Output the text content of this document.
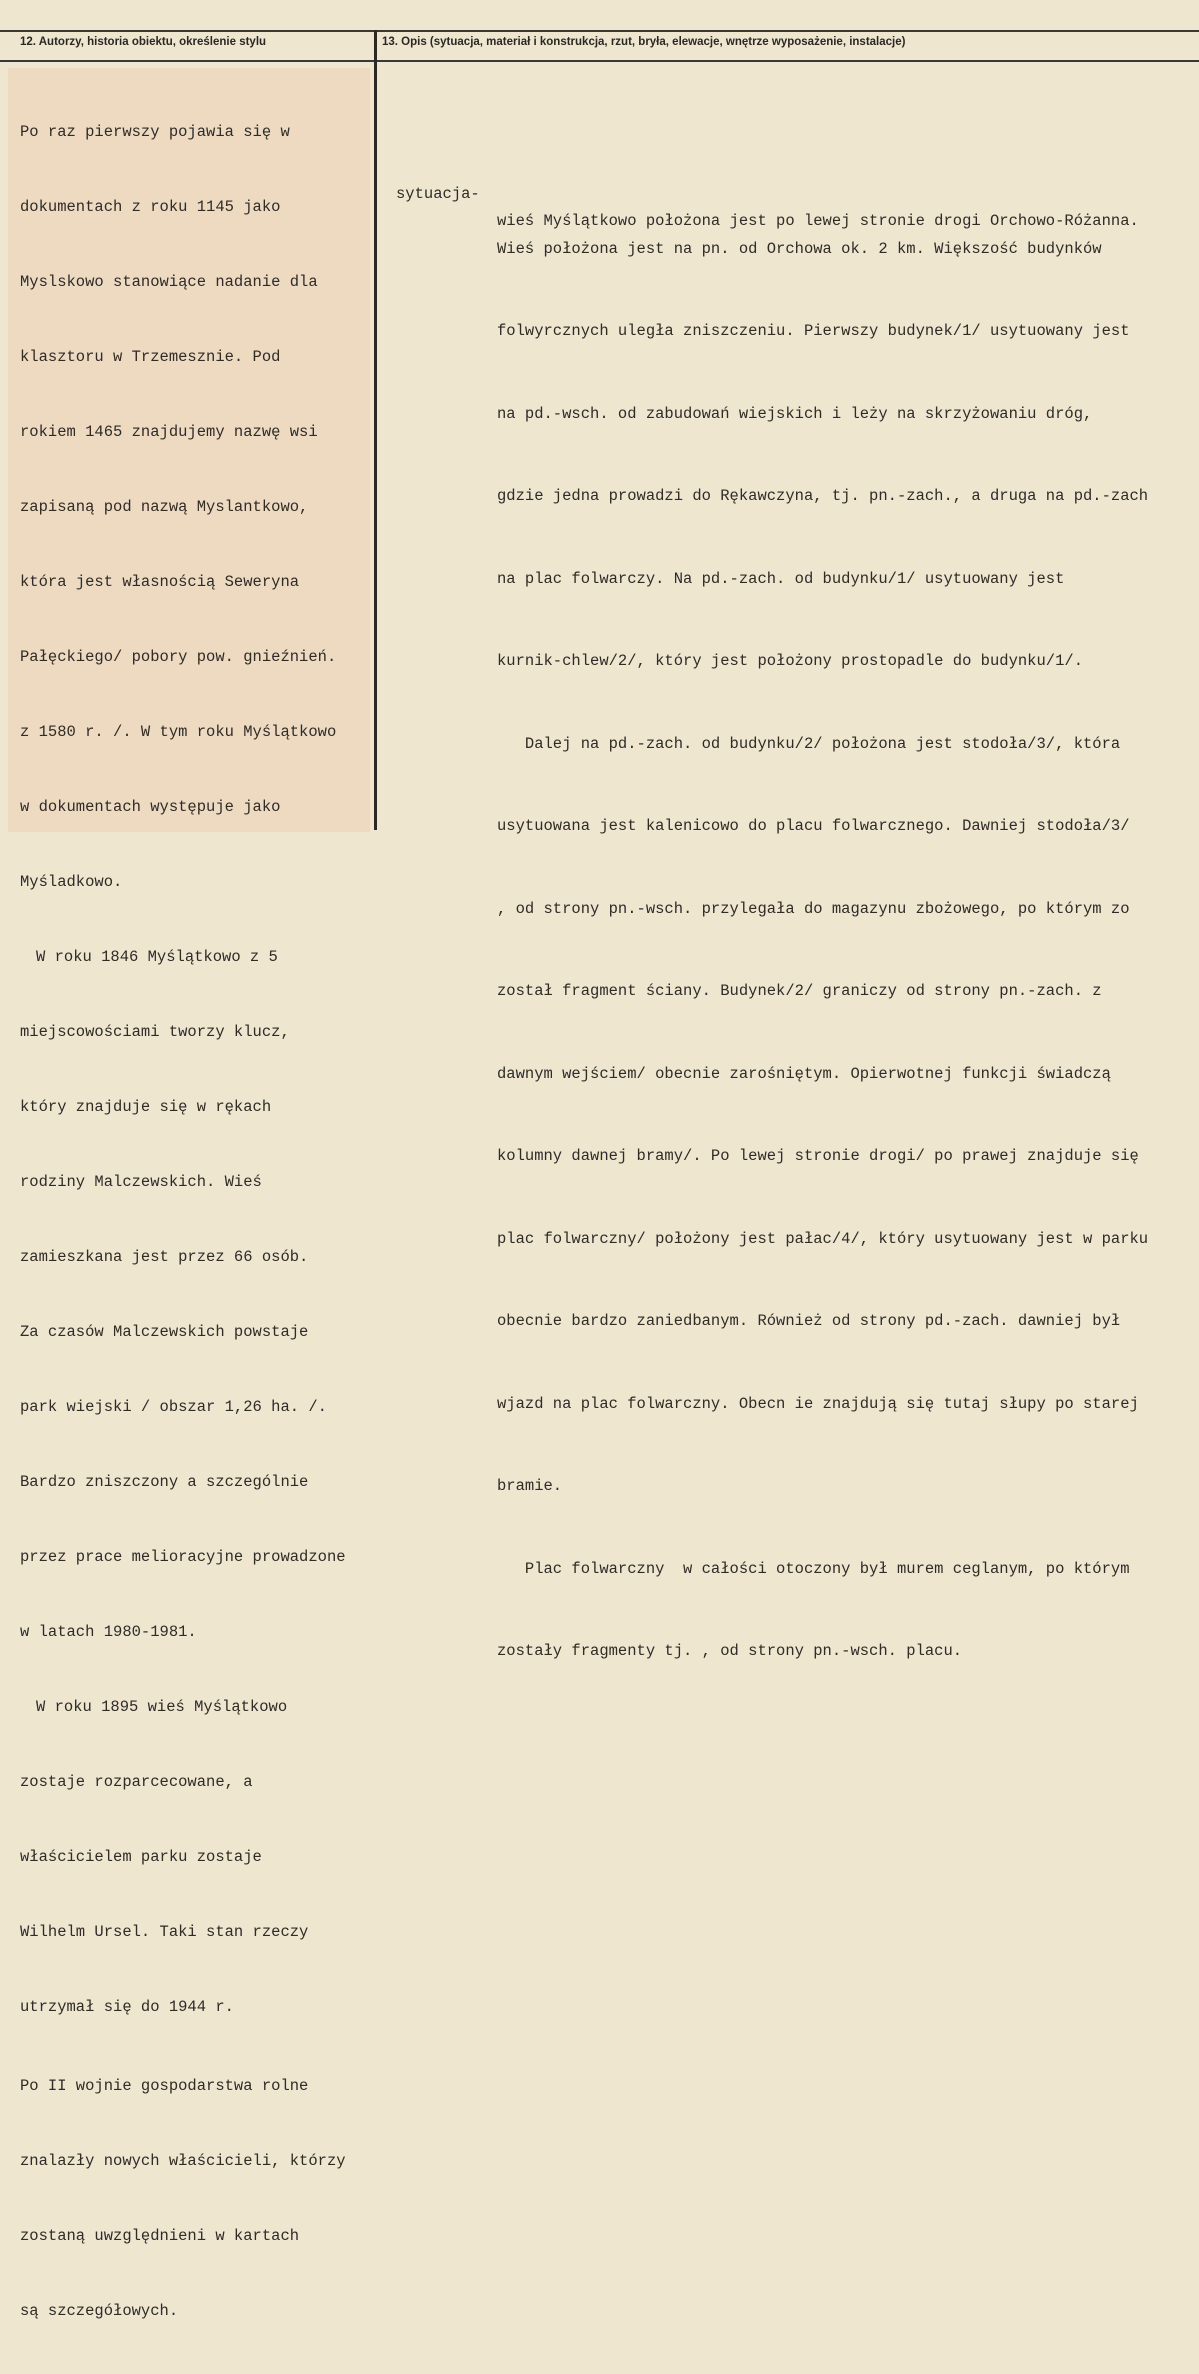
12. Autorzy, historia obiektu, określenie stylu	13. Opis (sytuacja, materiał i konstrukcja, rzut, bryła, elewacje, wnętrze wyposażenie, instalacje)

Po raz pierwszy pojawia się w

dokumentach z roku 1145 jako

Myslskowo stanowiące nadanie dla

klasztoru w Trzemesznie. Pod

rokiem 1465 znajdujemy nazwę wsi

zapisaną pod nazwą Myslantkowo,

która jest własnością Seweryna

Pałęckiego/ pobory pow. gnieźnień.

z 1580 r. /. W tym roku Myślątkowo

w dokumentach występuje jako

Myśladkowo.

W roku 1846 Myślątkowo z 5

miejscowościami tworzy klucz,

który znajduje się w rękach

rodziny Malczewskich. Wieś

zamieszkana jest przez 66 osób.

Za czasów Malczewskich powstaje

park wiejski / obszar 1,26 ha. /.

Bardzo zniszczony a szczególnie

przez prace melioracyjne prowadzone

w latach 1980-1981.

W roku 1895 wieś Myślątkowo

zostaje rozparcecowane, a

właścicielem parku zostaje

Wilhelm Ursel. Taki stan rzeczy

utrzymał się do 1944 r.

Po II wojnie gospodarstwa rolne

znalazły nowych właścicieli, którzy

zostaną uwzględnieni w kartach

są szczegółowych.

sytuacja-

wieś Myślątkowo położona jest po lewej stronie drogi Orchowo-Różanna.

Wieś położona jest na pn. od Orchowa ok. 2 km. Większość budynków

folwyrcznych uległa zniszczeniu. Pierwszy budynek/1/ usytuowany jest

na pd.-wsch. od zabudowań wiejskich i leży na skrzyżowaniu dróg,

gdzie jedna prowadzi do Rękawczyna, tj. pn.-zach., a druga na pd.-zach

na plac folwarczy. Na pd.-zach. od budynku/1/ usytuowany jest

kurnik-chlew/2/, który jest położony prostopadle do budynku/1/.

Dalej na pd.-zach. od budynku/2/ położona jest stodoła/3/, która

usytuowana jest kalenicowo do placu folwarcznego. Dawniej stodoła/3/

, od strony pn.-wsch. przylegała do magazynu zbożowego, po którym zo

został fragment ściany. Budynek/2/ graniczy od strony pn.-zach. z

dawnym wejściem/ obecnie zarośniętym. Opierwotnej funkcji świadczą

kolumny dawnej bramy/. Po lewej stronie drogi/ po prawej znajduje się

plac folwarczny/ położony jest pałac/4/, który usytuowany jest w parku

obecnie bardzo zaniedbanym. Również od strony pd.-zach. dawniej był

wjazd na plac folwarczny. Obecn ie znajdują się tutaj słupy po starej

bramie.

Plac folwarczny  w całości otoczony był murem ceglanym, po którym

zostały fragmenty tj. , od strony pn.-wsch. placu.
